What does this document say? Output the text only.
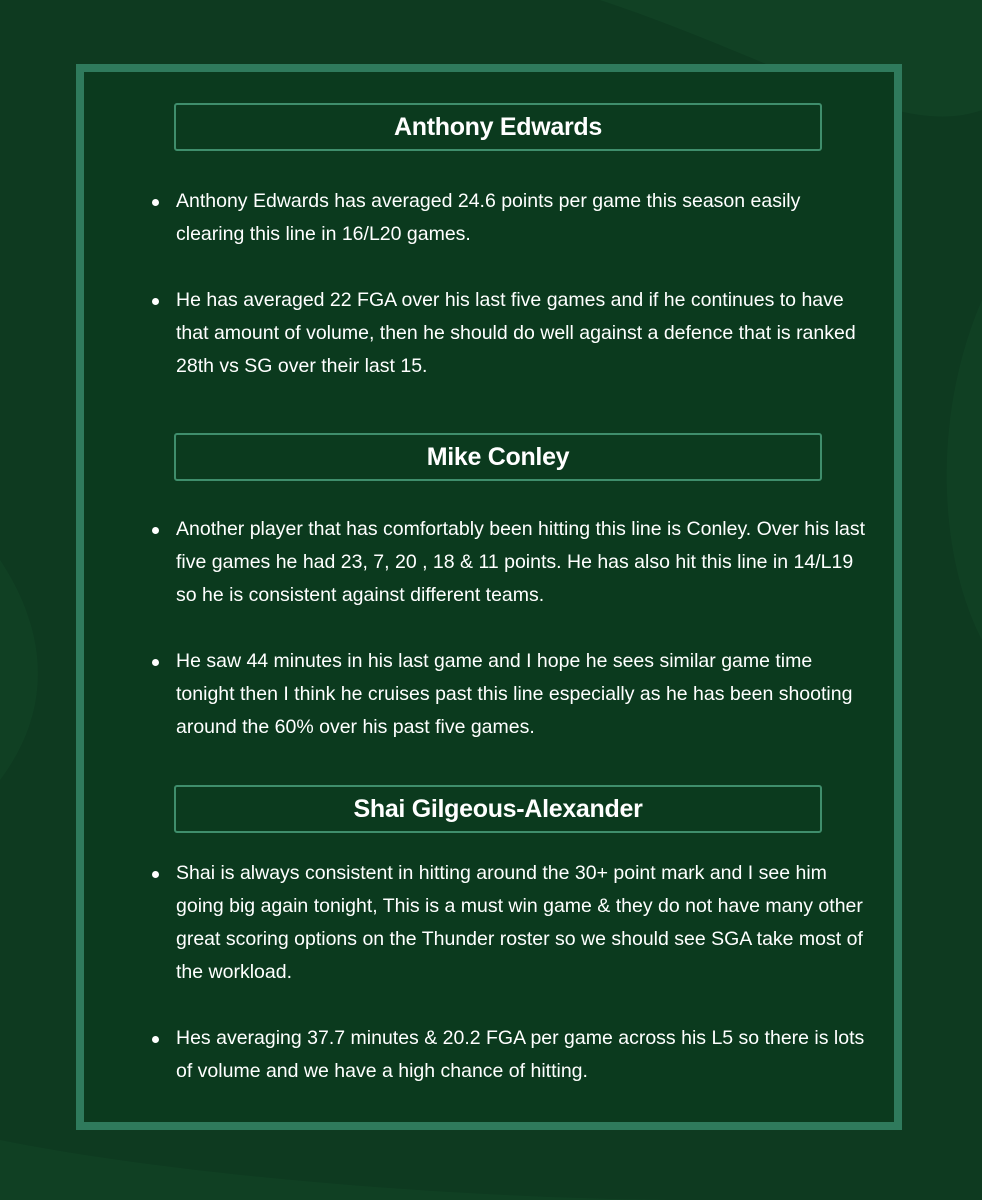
Anthony Edwards
Anthony Edwards has averaged 24.6 points per game this season easily clearing this line in 16/L20 games.
He has averaged 22 FGA over his last five games and if he continues to have that amount of volume, then he should do well against a defence that is ranked 28th vs SG over their last 15.
Mike Conley
Another player that has comfortably been hitting this line is Conley. Over his last five games he had 23, 7, 20 , 18 & 11 points. He has also hit this line in 14/L19 so he is consistent against different teams.
He saw 44 minutes in his last game and I hope he sees similar game time tonight then I think he cruises past this line especially as he has been shooting around the 60% over his past five games.
Shai Gilgeous-Alexander
Shai is always consistent in hitting around the 30+ point mark and I see him going big again tonight, This is a must win game & they do not have many other great scoring options on the Thunder roster so we should see SGA take most of the workload.
Hes averaging 37.7 minutes & 20.2 FGA per game across his L5 so there is lots of volume and we have a high chance of hitting.
